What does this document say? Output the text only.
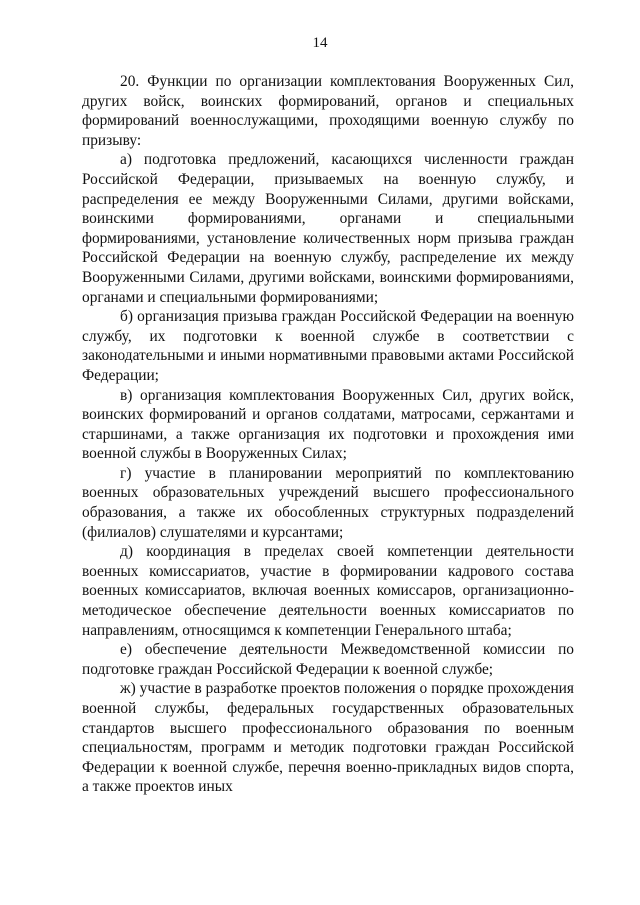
14

20. Функции по организации комплектования Вооруженных Сил, других войск, воинских формирований, органов и специальных формирований военнослужащими, проходящими военную службу по призыву:

а) подготовка предложений, касающихся численности граждан Российской Федерации, призываемых на военную службу, и распределения ее между Вооруженными Силами, другими войсками, воинскими формированиями, органами и специальными формированиями, установление количественных норм призыва граждан Российской Федерации на военную службу, распределение их между Вооруженными Силами, другими войсками, воинскими формированиями, органами и специальными формированиями;

б) организация призыва граждан Российской Федерации на военную службу, их подготовки к военной службе в соответствии с законодательными и иными нормативными правовыми актами Российской Федерации;

в) организация комплектования Вооруженных Сил, других войск, воинских формирований и органов солдатами, матросами, сержантами и старшинами, а также организация их подготовки и прохождения ими военной службы в Вооруженных Силах;

г) участие в планировании мероприятий по комплектованию военных образовательных учреждений высшего профессионального образования, а также их обособленных структурных подразделений (филиалов) слушателями и курсантами;

д) координация в пределах своей компетенции деятельности военных комиссариатов, участие в формировании кадрового состава военных комиссариатов, включая военных комиссаров, организационно-методическое обеспечение деятельности военных комиссариатов по направлениям, относящимся к компетенции Генерального штаба;

е) обеспечение деятельности Межведомственной комиссии по подготовке граждан Российской Федерации к военной службе;

ж) участие в разработке проектов положения о порядке прохождения военной службы, федеральных государственных образовательных стандартов высшего профессионального образования по военным специальностям, программ и методик подготовки граждан Российской Федерации к военной службе, перечня военно-прикладных видов спорта, а также проектов иных
